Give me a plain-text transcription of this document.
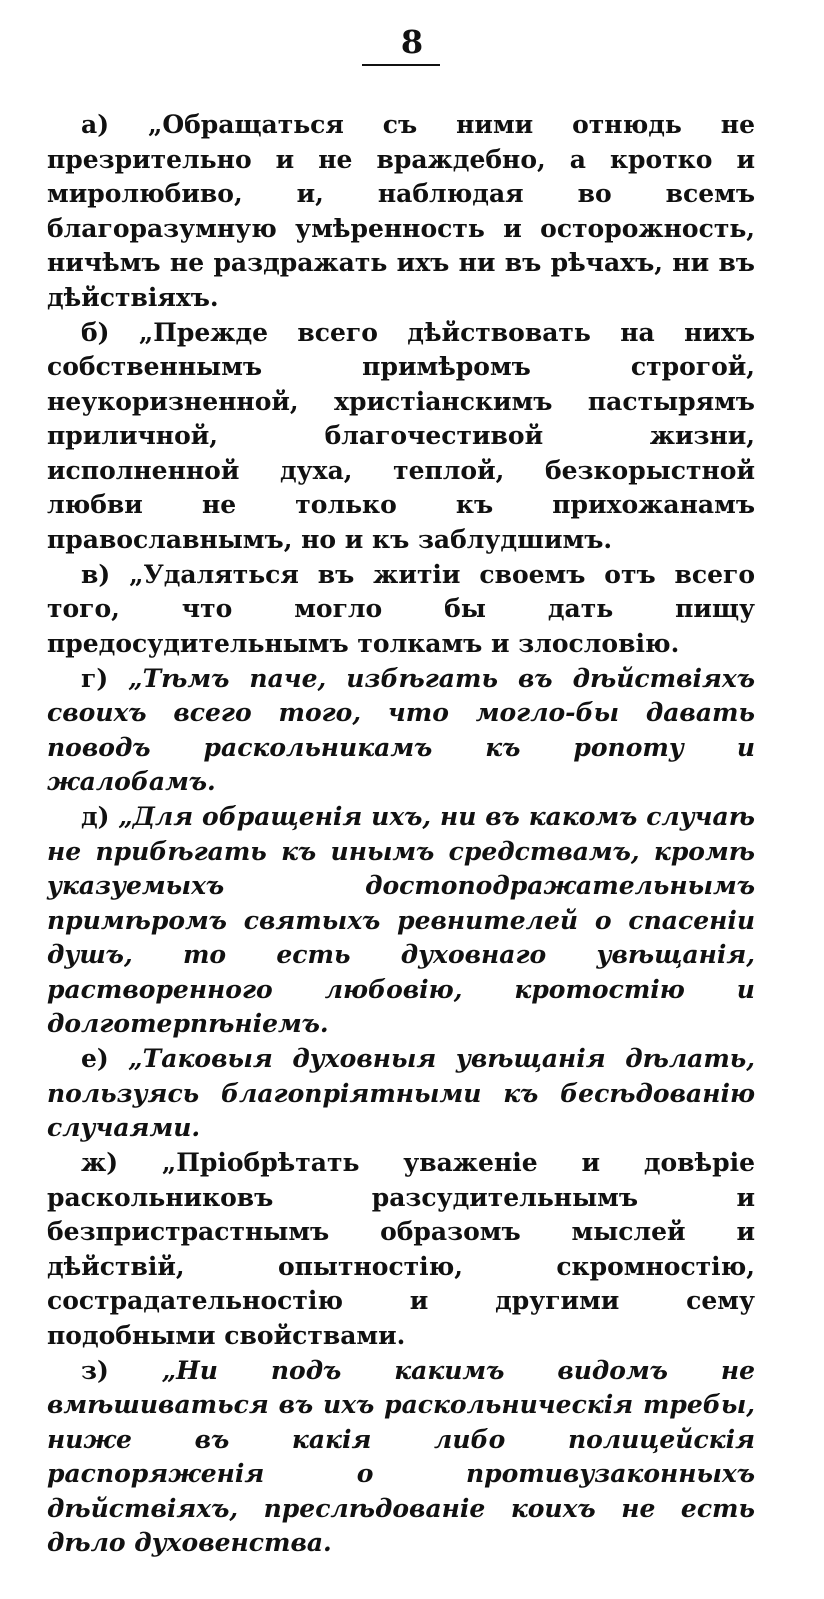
8

а) „Обращаться съ ними отнюдь не презрительно и не враждебно, а кротко и миролюбиво, и, наблюдая во всемъ благоразумную умѣренность и осторожность, ничѣмъ не раздражать ихъ ни въ рѣчахъ, ни въ дѣйствіяхъ.

б) „Прежде всего дѣйствовать на нихъ собственнымъ примѣромъ строгой, неукоризненной, христіанскимъ пастырямъ приличной, благочестивой жизни, исполненной духа, теплой, безкорыстной любви не только къ прихожанамъ православнымъ, но и къ заблудшимъ.

в) „Удаляться въ житіи своемъ отъ всего того, что могло бы дать пищу предосудительнымъ толкамъ и злословію.

г) „Тѣмъ паче, избѣгать въ дѣйствіяхъ своихъ всего того, что могло-бы давать поводъ раскольникамъ къ ропоту и жалобамъ.

д) „Для обращенія ихъ, ни въ какомъ случаѣ не прибѣгать къ инымъ средствамъ, кромѣ указуемыхъ достоподражательнымъ примѣромъ святыхъ ревнителей о спасеніи душъ, то есть духовнаго увѣщанія, растворенного любовію, кротостію и долготерпѣніемъ.

е) „Таковыя духовныя увѣщанія дѣлать, пользуясь благопріятными къ бесѣдованію случаями.

ж) „Пріобрѣтать уваженіе и довѣріе раскольниковъ разсудительнымъ и безпристрастнымъ образомъ мыслей и дѣйствій, опытностію, скромностію, сострадательностію и другими сему подобными свойствами.

з) „Ни подъ какимъ видомъ не вмѣшиваться въ ихъ раскольническія требы, ниже въ какія либо полицейскія распоряженія о противузаконныхъ дѣйствіяхъ, преслѣдованіе коихъ не есть дѣло духовенства.
